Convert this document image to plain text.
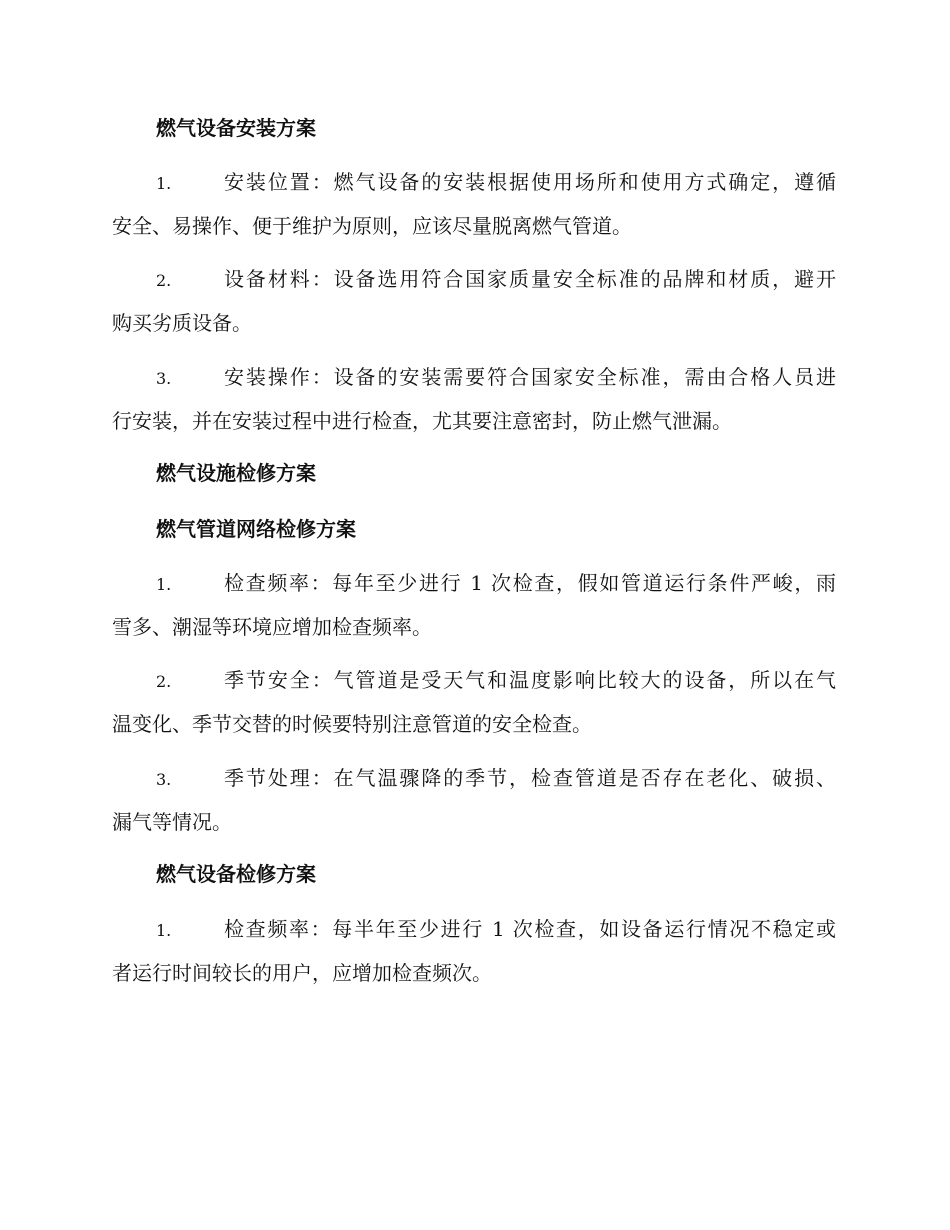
燃气设备安装方案
1.	安装位置：燃气设备的安装根据使用场所和使用方式确定，遵循
安全、易操作、便于维护为原则，应该尽量脱离燃气管道。
2.	设备材料：设备选用符合国家质量安全标准的品牌和材质，避开
购买劣质设备。
3.	安装操作：设备的安装需要符合国家安全标准，需由合格人员进
行安装，并在安装过程中进行检查，尤其要注意密封，防止燃气泄漏。
燃气设施检修方案
燃气管道网络检修方案
1.	检查频率：每年至少进行 1 次检查，假如管道运行条件严峻，雨
雪多、潮湿等环境应增加检查频率。
2.	季节安全：气管道是受天气和温度影响比较大的设备，所以在气
温变化、季节交替的时候要特别注意管道的安全检查。
3.	季节处理：在气温骤降的季节，检查管道是否存在老化、破损、
漏气等情况。
燃气设备检修方案
1.	检查频率：每半年至少进行 1 次检查，如设备运行情况不稳定或
者运行时间较长的用户，应增加检查频次。
